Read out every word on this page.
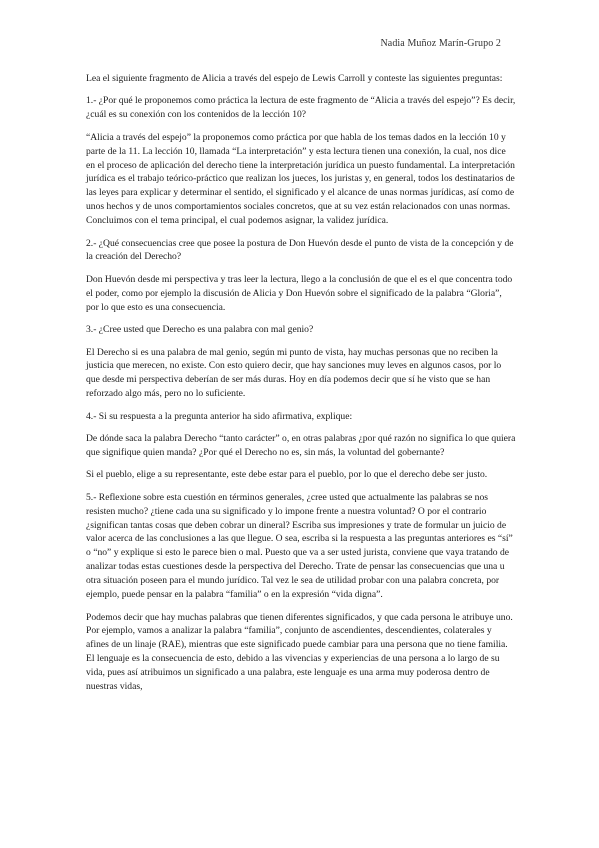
Nadia Muñoz Marín-Grupo 2

Lea el siguiente fragmento de Alicia a través del espejo de Lewis Carroll y conteste las siguientes preguntas:

1.- ¿Por qué le proponemos como práctica la lectura de este fragmento de “Alicia a través del espejo”? Es decir, ¿cuál es su conexión con los contenidos de la lección 10?

“Alicia a través del espejo” la proponemos como práctica por que habla de los temas dados en la lección 10 y parte de la 11. La lección 10, llamada “La interpretación” y esta lectura tienen una conexión, la cual, nos dice en el proceso de aplicación del derecho tiene la interpretación jurídica un puesto fundamental. La interpretación jurídica es el trabajo teórico-práctico que realizan los jueces, los juristas y, en general, todos los destinatarios de las leyes para explicar y determinar el sentido, el significado y el alcance de unas normas jurídicas, así como de unos hechos y de unos comportamientos sociales concretos, que at su vez están relacionados con unas normas. Concluimos con el tema principal, el cual podemos asignar, la validez jurídica.

2.- ¿Qué consecuencias cree que posee la postura de Don Huevón desde el punto de vista de la concepción y de la creación del Derecho?

Don Huevón desde mi perspectiva y tras leer la lectura, llego a la conclusión de que el es el que concentra todo el poder, como por ejemplo la discusión de Alicia y Don Huevón sobre el significado de la palabra “Gloria”, por lo que esto es una consecuencia.

3.- ¿Cree usted que Derecho es una palabra con mal genio?

El Derecho si es una palabra de mal genio, según mi punto de vista, hay muchas personas que no reciben la justicia que merecen, no existe. Con esto quiero decir, que hay sanciones muy leves en algunos casos, por lo que desde mi perspectiva deberían de ser más duras. Hoy en día podemos decir que sí he visto que se han reforzado algo más, pero no lo suficiente.

4.- Si su respuesta a la pregunta anterior ha sido afirmativa, explique:

De dónde saca la palabra Derecho “tanto carácter” o, en otras palabras ¿por qué razón no significa lo que quiera que signifique quien manda? ¿Por qué el Derecho no es, sin más, la voluntad del gobernante?

Si el pueblo, elige a su representante, este debe estar para el pueblo, por lo que el derecho debe ser justo.

5.- Reflexione sobre esta cuestión en términos generales, ¿cree usted que actualmente las palabras se nos resisten mucho? ¿tiene cada una su significado y lo impone frente a nuestra voluntad? O por el contrario ¿significan tantas cosas que deben cobrar un dineral? Escriba sus impresiones y trate de formular un juicio de valor acerca de las conclusiones a las que llegue. O sea, escriba si la respuesta a las preguntas anteriores es “sí” o “no” y explique si esto le parece bien o mal. Puesto que va a ser usted jurista, conviene que vaya tratando de analizar todas estas cuestiones desde la perspectiva del Derecho. Trate de pensar las consecuencias que una u otra situación poseen para el mundo jurídico. Tal vez le sea de utilidad probar con una palabra concreta, por ejemplo, puede pensar en la palabra “familia” o en la expresión “vida digna”.

Podemos decir que hay muchas palabras que tienen diferentes significados, y que cada persona le atribuye uno. Por ejemplo, vamos a analizar la palabra “familia”, conjunto de ascendientes, descendientes, colaterales y afines de un linaje (RAE), mientras que este significado puede cambiar para una persona que no tiene familia. El lenguaje es la consecuencia de esto, debido a las vivencias y experiencias de una persona a lo largo de su vida, pues así atribuimos un significado a una palabra, este lenguaje es una arma muy poderosa dentro de nuestras vidas,
